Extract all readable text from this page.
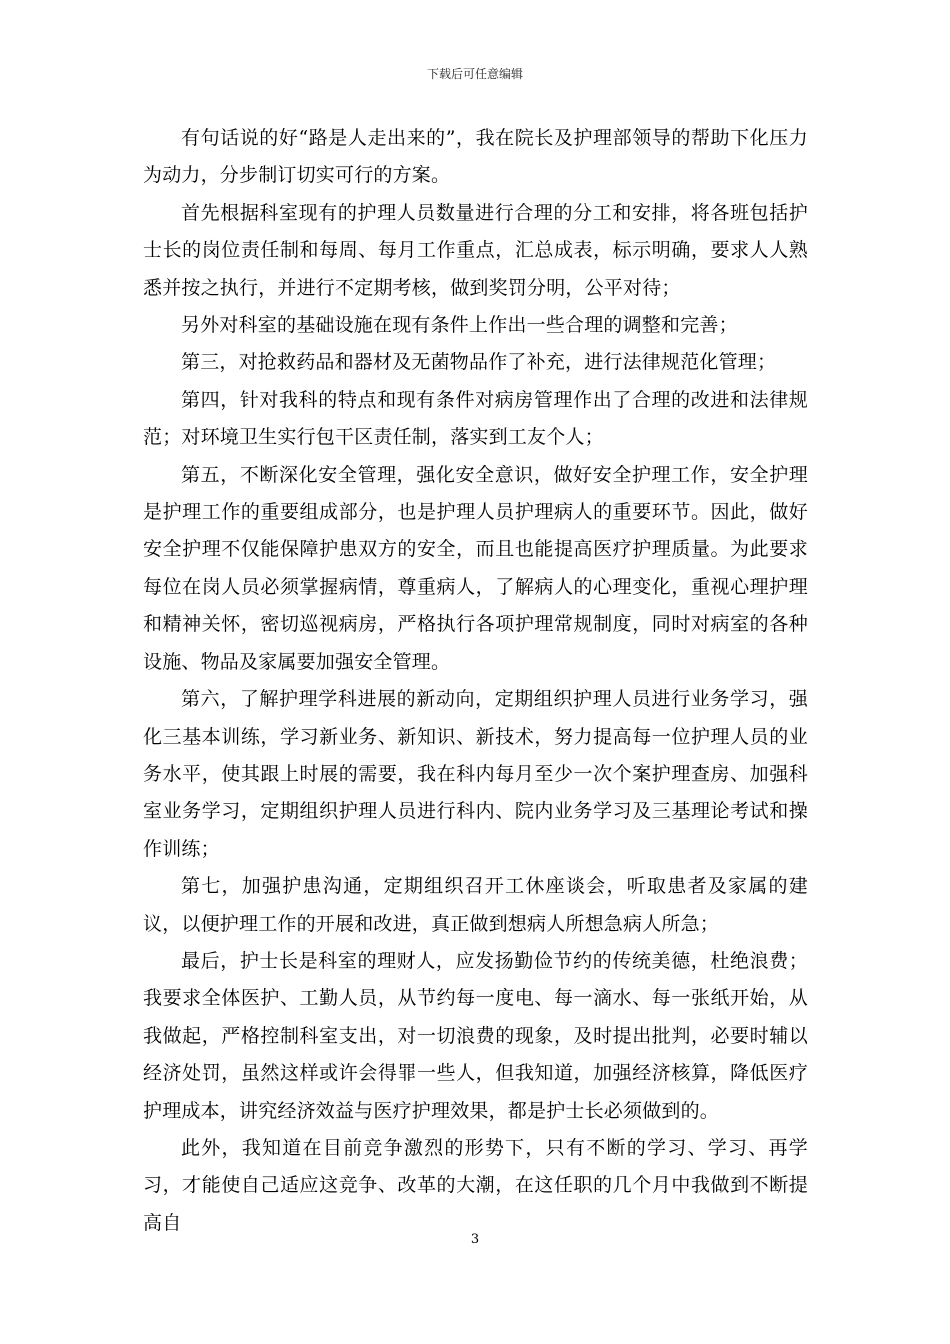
下载后可任意编辑

有句话说的好“路是人走出来的”，我在院长及护理部领导的帮助下化压力为动力，分步制订切实可行的方案。

首先根据科室现有的护理人员数量进行合理的分工和安排，将各班包括护士长的岗位责任制和每周、每月工作重点，汇总成表，标示明确，要求人人熟悉并按之执行，并进行不定期考核，做到奖罚分明，公平对待；

另外对科室的基础设施在现有条件上作出一些合理的调整和完善；

第三，对抢救药品和器材及无菌物品作了补充，进行法律规范化管理；

第四，针对我科的特点和现有条件对病房管理作出了合理的改进和法律规范；对环境卫生实行包干区责任制，落实到工友个人；

第五，不断深化安全管理，强化安全意识，做好安全护理工作，安全护理是护理工作的重要组成部分，也是护理人员护理病人的重要环节。因此，做好安全护理不仅能保障护患双方的安全，而且也能提高医疗护理质量。为此要求每位在岗人员必须掌握病情，尊重病人，了解病人的心理变化，重视心理护理和精神关怀，密切巡视病房，严格执行各项护理常规制度，同时对病室的各种设施、物品及家属要加强安全管理。

第六，了解护理学科进展的新动向，定期组织护理人员进行业务学习，强化三基本训练，学习新业务、新知识、新技术，努力提高每一位护理人员的业务水平，使其跟上时展的需要，我在科内每月至少一次个案护理查房、加强科室业务学习，定期组织护理人员进行科内、院内业务学习及三基理论考试和操作训练；

第七，加强护患沟通，定期组织召开工休座谈会，听取患者及家属的建议，以便护理工作的开展和改进，真正做到想病人所想急病人所急；

最后，护士长是科室的理财人，应发扬勤俭节约的传统美德，杜绝浪费；我要求全体医护、工勤人员，从节约每一度电、每一滴水、每一张纸开始，从我做起，严格控制科室支出，对一切浪费的现象，及时提出批判，必要时辅以经济处罚，虽然这样或许会得罪一些人，但我知道，加强经济核算，降低医疗护理成本，讲究经济效益与医疗护理效果，都是护士长必须做到的。

此外，我知道在目前竞争激烈的形势下，只有不断的学习、学习、再学习，才能使自己适应这竞争、改革的大潮，在这任职的几个月中我做到不断提高自

3
